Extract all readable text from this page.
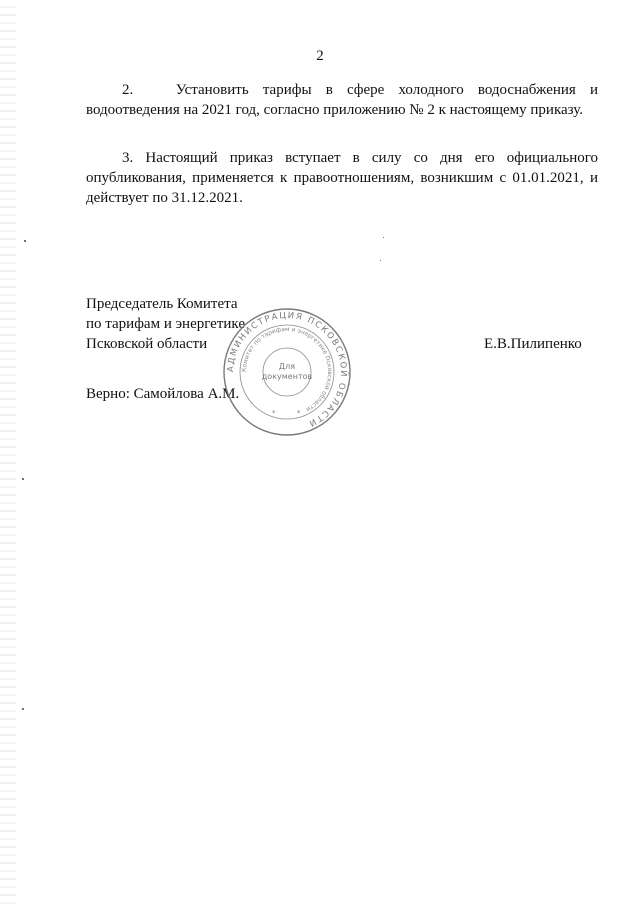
2
2.	Установить тарифы в сфере холодного водоснабжения и водоотведения на 2021 год, согласно приложению № 2 к настоящему приказу.
3. Настоящий приказ вступает в силу со дня его официального опубликования, применяется к правоотношениям, возникшим с 01.01.2021, и действует по 31.12.2021.
Председатель Комитета
по тарифам и энергетике
Псковской области	Е.В.Пилипенко
Верно: Самойлова А.М.
АДМИНИСТРАЦИЯ ПСКОВСКОЙ ОБЛАСТИ
Комитет по тарифам и энергетике Псковской области
Для
документов
*	*
